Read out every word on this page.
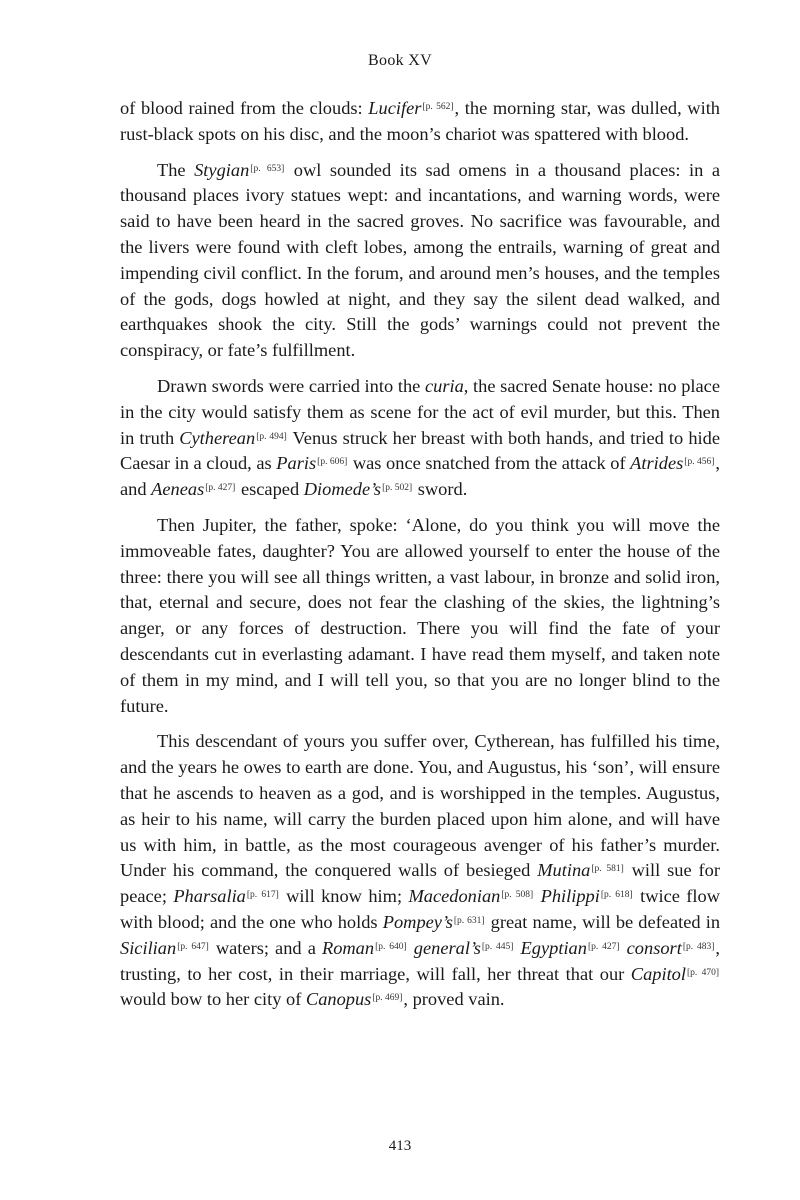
Book XV

of blood rained from the clouds: Lucifer[p. 562], the morning star, was dulled, with rust-black spots on his disc, and the moon’s chariot was spattered with blood.

The Stygian[p. 653] owl sounded its sad omens in a thousand places: in a thousand places ivory statues wept: and incantations, and warning words, were said to have been heard in the sacred groves. No sacrifice was favourable, and the livers were found with cleft lobes, among the entrails, warning of great and impending civil conflict. In the forum, and around men’s houses, and the temples of the gods, dogs howled at night, and they say the silent dead walked, and earthquakes shook the city. Still the gods’ warnings could not prevent the conspiracy, or fate’s fulfillment.

Drawn swords were carried into the curia, the sacred Senate house: no place in the city would satisfy them as scene for the act of evil murder, but this. Then in truth Cytherean[p. 494] Venus struck her breast with both hands, and tried to hide Caesar in a cloud, as Paris[p. 606] was once snatched from the attack of Atrides[p. 456], and Aeneas[p. 427] escaped Diomede’s[p. 502] sword.

Then Jupiter, the father, spoke: ‘Alone, do you think you will move the immoveable fates, daughter? You are allowed yourself to enter the house of the three: there you will see all things written, a vast labour, in bronze and solid iron, that, eternal and secure, does not fear the clashing of the skies, the lightning’s anger, or any forces of destruction. There you will find the fate of your descendants cut in everlasting adamant. I have read them myself, and taken note of them in my mind, and I will tell you, so that you are no longer blind to the future.

This descendant of yours you suffer over, Cytherean, has fulfilled his time, and the years he owes to earth are done. You, and Augustus, his ‘son’, will ensure that he ascends to heaven as a god, and is worshipped in the temples. Augustus, as heir to his name, will carry the burden placed upon him alone, and will have us with him, in battle, as the most courageous avenger of his father’s murder. Under his command, the conquered walls of besieged Mutina[p. 581] will sue for peace; Pharsalia[p. 617] will know him; Macedonian[p. 508] Philippi[p. 618] twice flow with blood; and the one who holds Pompey’s[p. 631] great name, will be defeated in Sicilian[p. 647] waters; and a Roman[p. 640] general’s[p. 445] Egyptian[p. 427] consort[p. 483], trusting, to her cost, in their marriage, will fall, her threat that our Capitol[p. 470] would bow to her city of Canopus[p. 469], proved vain.

413
